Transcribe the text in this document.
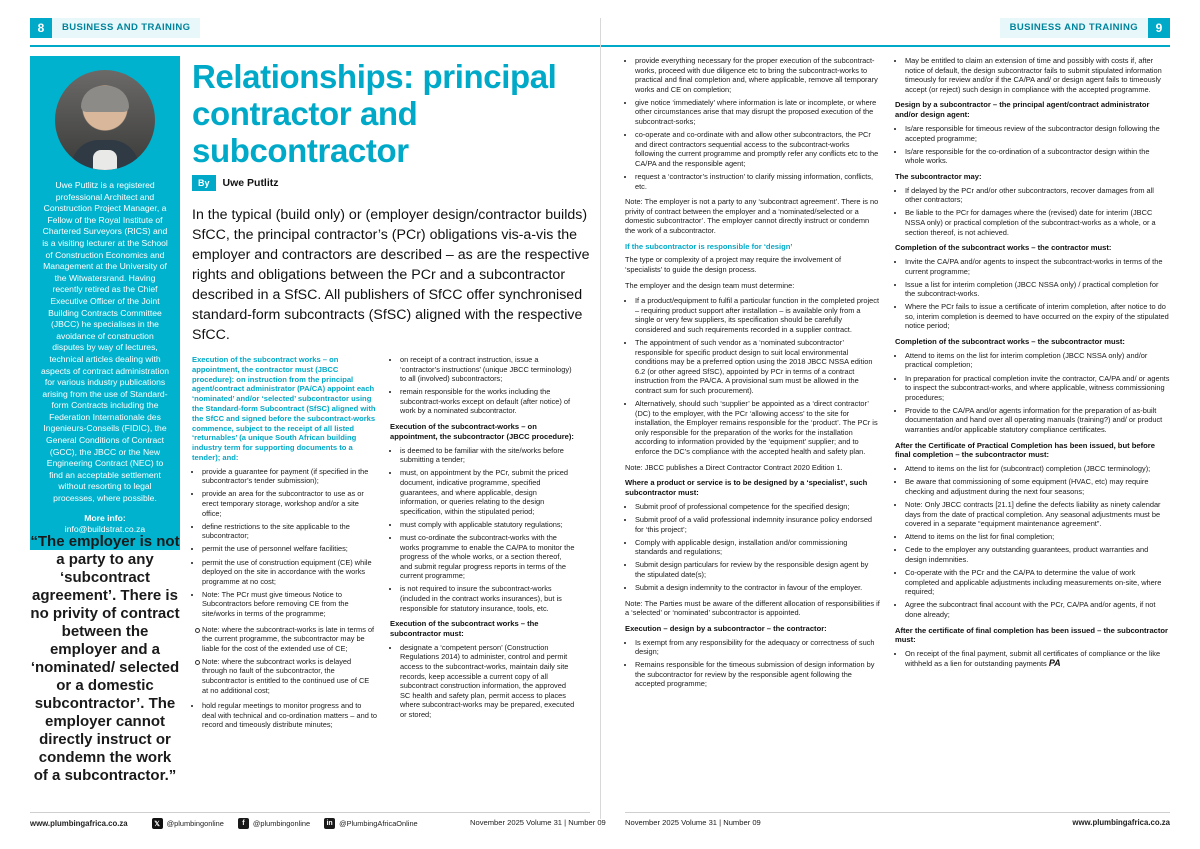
8	BUSINESS AND TRAINING	9
BUSINESS AND TRAINING
Uwe Putlitz is a registered professional Architect and Construction Project Manager, a Fellow of the Royal Institute of Chartered Surveyors (RICS) and is a visiting lecturer at the School of Construction Economics and Management at the University of the Witwatersrand. Having recently retired as the Chief Executive Officer of the Joint Building Contracts Committee (JBCC) he specialises in the avoidance of construction disputes by way of lectures, technical articles dealing with aspects of contract administration for various industry publications arising from the use of Standard-form Contracts including the Federation Internationale des Ingenieurs-Conseils (FIDIC), the General Conditions of Contract (GCC), the JBCC or the New Engineering Contract (NEC) to find an acceptable settlement without resorting to legal processes, where possible.
More info:
info@buildstrat.co.za
“The employer is not a party to any ‘subcontract agreement’. There is no privity of contract between the employer and a ‘nominated/ selected or a domestic subcontractor’. The employer cannot directly instruct or condemn the work of a subcontractor.”
Relationships: principal contractor and subcontractor
By	Uwe Putlitz
In the typical (build only) or (employer design/contractor builds) SfCC, the principal contractor’s (PCr) obligations vis-a-vis the employer and contractors are described – as are the respective rights and obligations between the PCr and a subcontractor described in a SfSC. All publishers of SfCC offer synchronised standard-form subcontracts (SfSC) aligned with the respective SfCC.
Execution of the subcontract works – on appointment, the contractor must (JBCC procedure): on instruction from the principal agent/contract administrator (PA/CA) appoint each ‘nominated’ and/or ‘selected’ subcontractor using the Standard-form Subcontract (SfSC) aligned with the SfCC and signed before the subcontract-works commence, subject to the receipt of all listed ‘returnables’ (a unique South African building industry term for supporting documents to a tender); and:
• provide a guarantee for payment (if specified in the subcontractor’s tender submission);
• provide an area for the subcontractor to use as or erect temporary storage, workshop and/or a site office;
• define restrictions to the site applicable to the subcontractor;
• permit the use of personnel welfare facilities;
• permit the use of construction equipment (CE) while deployed on the site in accordance with the works programme at no cost;
• Note: The PCr must give timeous Notice to Subcontractors before removing CE from the site/works in terms of the programme;
Note: where the subcontract-works is late in terms of the current programme, the subcontractor may be liable for the cost of the extended use of CE;
Note: where the subcontract works is delayed through no fault of the subcontractor, the subcontractor is entitled to the continued use of CE at no additional cost;
• hold regular meetings to monitor progress and to deal with technical and co-ordination matters – and to record and timeously distribute minutes;
• on receipt of a contract instruction, issue a ‘contractor’s instructions’ (unique JBCC terminology) to all (involved) subcontractors;
• remain responsible for the works including the subcontract-works except on default (after notice) of work by a nominated subcontractor.
Execution of the subcontract-works – on appointment, the subcontractor (JBCC procedure):
• is deemed to be familiar with the site/works before submitting a tender;
• must, on appointment by the PCr, submit the priced document, indicative programme, specified guarantees, and where applicable, design information, or queries relating to the design specification, within the stipulated period;
• must comply with applicable statutory regulations;
• must co-ordinate the subcontract-works with the works programme to enable the CA/PA to monitor the progress of the whole works, or a section thereof, and submit regular progress reports in terms of the current programme;
• is not required to insure the subcontract-works (included in the contract works insurances), but is responsible for statutory insurance, tools, etc.
Execution of the subcontract works – the subcontractor must:
• designate a ‘competent person’ (Construction Regulations 2014) to administer, control and permit access to the subcontract-works, maintain daily site records, keep accessible a current copy of all subcontract construction information, the approved SC health and safety plan, permit access to places where subcontract-works may be prepared, executed or stored;
• provide everything necessary for the proper execution of the subcontract-works, proceed with due diligence etc to bring the subcontract-works to practical and final completion and, where applicable, remove all temporary works and CE on completion;
• give notice ‘immediately’ where information is late or incomplete, or where other circumstances arise that may disrupt the proposed execution of the subcontract-sorks;
• co-operate and co-ordinate with and allow other subcontractors, the PCr and direct contractors sequential access to the subcontract-works following the current programme and promptly refer any conflicts etc to the CA/PA and the responsible agent;
• request a ‘contractor’s instruction’ to clarify missing information, conflicts, etc.

Note: The employer is not a party to any ‘subcontract agreement’. There is no privity of contract between the employer and a ‘nominated/selected or a domestic subcontractor’. The employer cannot directly instruct or condemn the work of a subcontractor.

If the subcontractor is responsible for ‘design’

The type or complexity of a project may require the involvement of ‘specialists’ to guide the design process.

The employer and the design team must determine:

• If a product/equipment to fulfil a particular function in the completed project – requiring product support after installation – is available only from a single or very few suppliers, its specification should be carefully considered and such requirements recorded in a supplier contract.
• The appointment of such vendor as a ‘nominated subcontractor’ responsible for specific product design to suit local environmental conditions may be a preferred option using the 2018 JBCC NSSA edition 6.2 (or other agreed SfSC), appointed by PCr in terms of a contract instruction from the PA/CA. A provisional sum must be allowed in the contract sum for such procurement).
• Alternatively, should such ‘supplier’ be appointed as a ‘direct contractor’ (DC) to the employer, with the PCr ‘allowing access’ to the site for installation, the Employer remains responsible for the ‘product’. The PCr is only responsible for the preparation of the works for the installation according to information provided by the ‘equipment’ supplier; and to enforce the DC’s compliance with the accepted health and safety plan.

Note: JBCC publishes a Direct Contractor Contract 2020 Edition 1.

Where a product or service is to be designed by a ‘specialist’, such subcontractor must:
• Submit proof of professional competence for the specified design;
• Submit proof of a valid professional indemnity insurance policy endorsed for ‘this project’;
• Comply with applicable design, installation and/or commissioning standards and regulations;
• Submit design particulars for review by the responsible design agent by the stipulated date(s);
• Submit a design indemnity to the contractor in favour of the employer.

Note: The Parties must be aware of the different allocation of responsibilities if a ‘selected’ or ‘nominated’ subcontractor is appointed.

Execution – design by a subcontractor – the contractor:
• Is exempt from any responsibility for the adequacy or correctness of such design;
• Remains responsible for the timeous submission of design information by the subcontractor for review by the responsible agent following the accepted programme;
• May be entitled to claim an extension of time and possibly with costs if, after notice of default, the design subcontractor fails to submit stipulated information timeously for review and/or if the CA/PA and/ or design agent fails to timeously accept (or reject) such design in compliance with the accepted programme.
Design by a subcontractor – the principal agent/contract administrator and/or design agent:
• Is/are responsible for timeous review of the subcontractor design following the accepted programme;
• Is/are responsible for the co-ordination of a subcontractor design within the whole works.
The subcontractor may:
• If delayed by the PCr and/or other subcontractors, recover damages from all other contractors;
• Be liable to the PCr for damages where the (revised) date for interim (JBCC NSSA only) or practical completion of the subcontract-works as a whole, or a section thereof, is not achieved.
Completion of the subcontract works – the contractor must:
• Invite the CA/PA and/or agents to inspect the subcontract-works in terms of the current programme;
• Issue a list for interim completion (JBCC NSSA only) / practical completion for the subcontract-works.
• Where the PCr fails to issue a certificate of interim completion, after notice to do so, interim completion is deemed to have occurred on the expiry of the stipulated notice period;
Completion of the subcontract works – the subcontractor must:
• Attend to items on the list for interim completion (JBCC NSSA only) and/or practical completion;
• In preparation for practical completion invite the contractor, CA/PA and/ or agents to inspect the subcontract-works, and where applicable, witness commissioning procedures;
• Provide to the CA/PA and/or agents information for the preparation of as-built documentation and hand over all operating manuals (training?) and/ or product warranties and/or applicable statutory compliance certificates.
After the Certificate of Practical Completion has been issued, but before final completion – the subcontractor must:
• Attend to items on the list for (subcontract) completion (JBCC terminology);
• Be aware that commissioning of some equipment (HVAC, etc) may require checking and adjustment during the next four seasons;
• Note: Only JBCC contracts [21.1] define the defects liability as ninety calendar days from the date of practical completion. Any seasonal adjustments must be covered in a separate “equipment maintenance agreement”.
• Attend to items on the list for final completion;
• Cede to the employer any outstanding guarantees, product warranties and design indemnities.
• Co-operate with the PCr and the CA/PA to determine the value of work completed and applicable adjustments including measurements on-site, where required;
• Agree the subcontract final account with the PCr, CA/PA and/or agents, if not done already;
After the certificate of final completion has been issued – the subcontractor must:
• On receipt of the final payment, submit all certificates of compliance or the like withheld as a lien for outstanding payments PA
www.plumbingafrica.co.za	𝕏 @plumbingonline	f	@plumbingonline	in @PlumbingAfricaOnline	November 2025 Volume 31 | Number 09	November 2025 Volume 31 | Number 09	www.plumbingafrica.co.za
